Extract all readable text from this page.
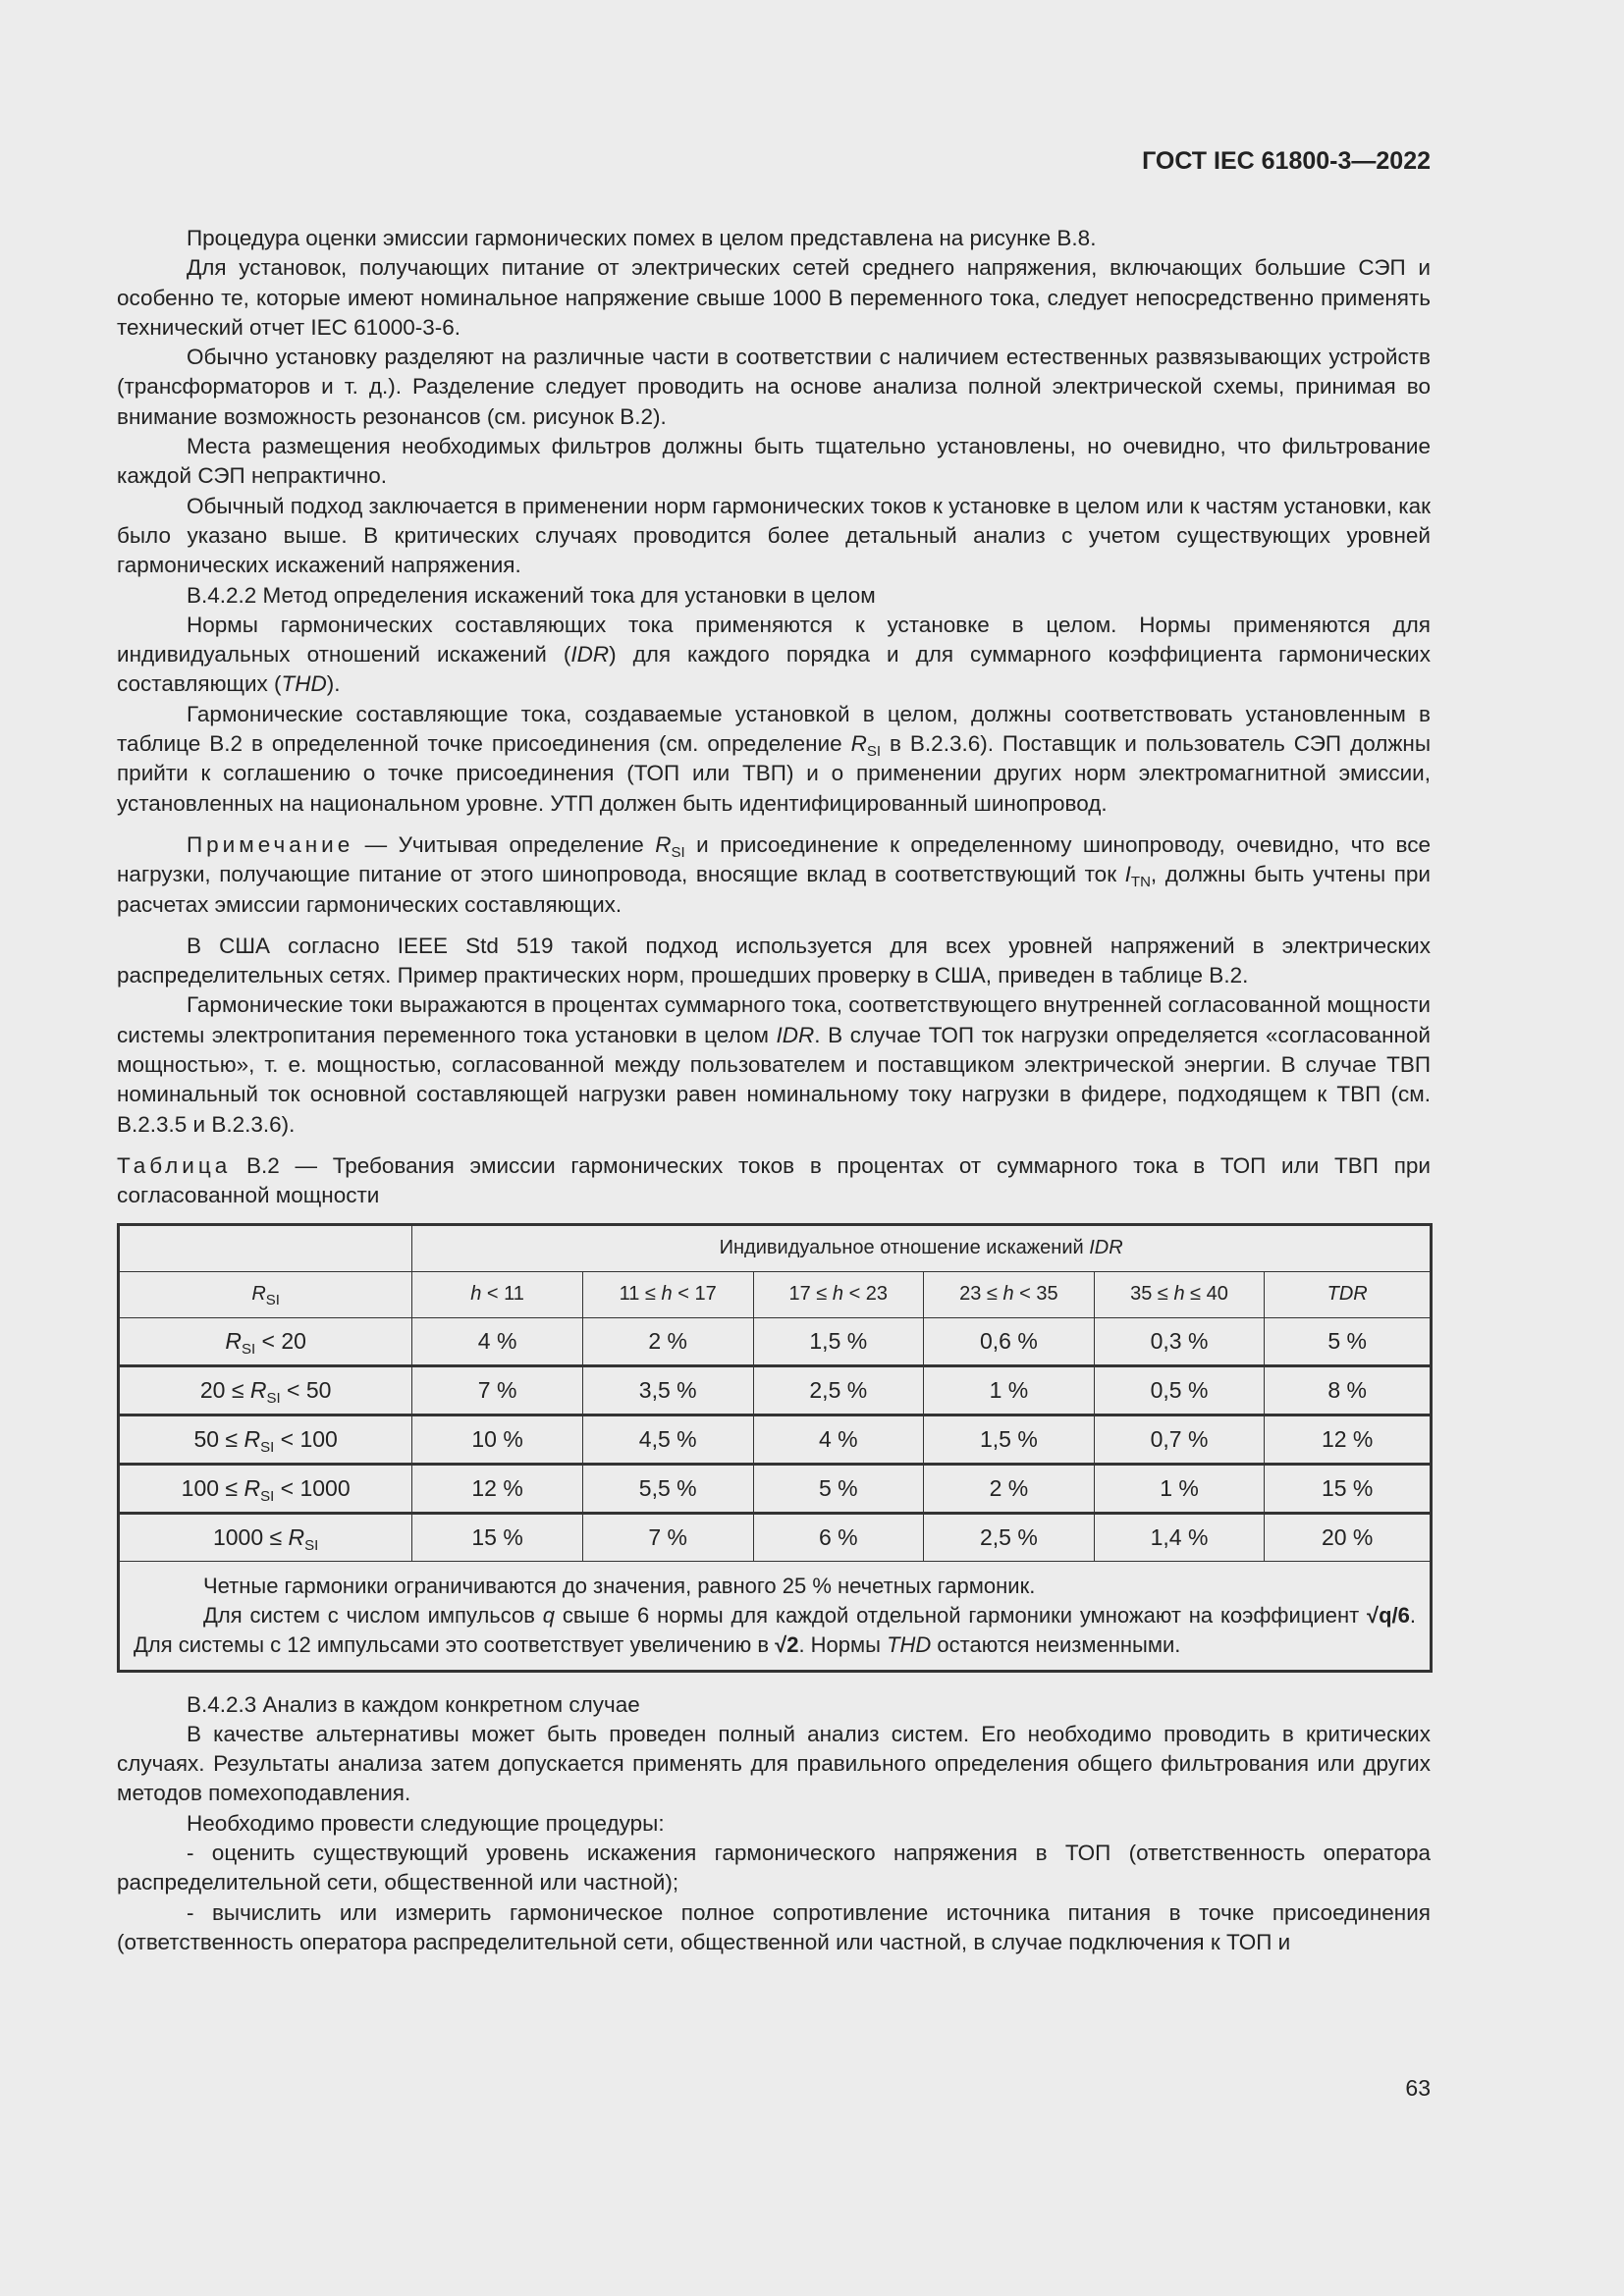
ГОСТ IEC 61800-3—2022

Процедура оценки эмиссии гармонических помех в целом представлена на рисунке В.8.

Для установок, получающих питание от электрических сетей среднего напряжения, включающих большие СЭП и особенно те, которые имеют номинальное напряжение свыше 1000 В переменного тока, следует непосредственно применять технический отчет IEC 61000-3-6.

Обычно установку разделяют на различные части в соответствии с наличием естественных развязывающих устройств (трансформаторов и т. д.). Разделение следует проводить на основе анализа полной электрической схемы, принимая во внимание возможность резонансов (см. рисунок В.2).

Места размещения необходимых фильтров должны быть тщательно установлены, но очевидно, что фильтрование каждой СЭП непрактично.

Обычный подход заключается в применении норм гармонических токов к установке в целом или к частям установки, как было указано выше. В критических случаях проводится более детальный анализ с учетом существующих уровней гармонических искажений напряжения.

В.4.2.2 Метод определения искажений тока для установки в целом

Нормы гармонических составляющих тока применяются к установке в целом. Нормы применяются для индивидуальных отношений искажений (IDR) для каждого порядка и для суммарного коэффициента гармонических составляющих (THD).

Гармонические составляющие тока, создаваемые установкой в целом, должны соответствовать установленным в таблице В.2 в определенной точке присоединения (см. определение $R_{SI}$ в В.2.3.6). Поставщик и пользователь СЭП должны прийти к соглашению о точке присоединения (ТОП или ТВП) и о применении других норм электромагнитной эмиссии, установленных на национальном уровне. УТП должен быть идентифицированный шинопровод.

Примечание — Учитывая определение $R_{SI}$ и присоединение к определенному шинопроводу, очевидно, что все нагрузки, получающие питание от этого шинопровода, вносящие вклад в соответствующий ток $I_{TN}$, должны быть учтены при расчетах эмиссии гармонических составляющих.

В США согласно IEEE Std 519 такой подход используется для всех уровней напряжений в электрических распределительных сетях. Пример практических норм, прошедших проверку в США, приведен в таблице В.2.

Гармонические токи выражаются в процентах суммарного тока, соответствующего внутренней согласованной мощности системы электропитания переменного тока установки в целом IDR. В случае ТОП ток нагрузки определяется «согласованной мощностью», т. е. мощностью, согласованной между пользователем и поставщиком электрической энергии. В случае ТВП номинальный ток основной составляющей нагрузки равен номинальному току нагрузки в фидере, подходящем к ТВП (см. В.2.3.5 и В.2.3.6).

Таблица В.2 — Требования эмиссии гармонических токов в процентах от суммарного тока в ТОП или ТВП при согласованной мощности

	Индивидуальное отношение искажений IDR					
$R_{SI}$	h < 11	11 ≤ h < 17	17 ≤ h < 23	23 ≤ h < 35	35 ≤ h ≤ 40	TDR
$R_{SI} < 20$	4 %	2 %	1,5 %	0,6 %	0,3 %	5 %
$20 \le R_{SI} < 50$	7 %	3,5 %	2,5 %	1 %	0,5 %	8 %
$50 \le R_{SI} < 100$	10 %	4,5 %	4 %	1,5 %	0,7 %	12 %
$100 \le R_{SI} < 1000$	12 %	5,5 %	5 %	2 %	1 %	15 %
$1000 \le R_{SI}$	15 %	7 %	6 %	2,5 %	1,4 %	20 %

Четные гармоники ограничиваются до значения, равного 25 % нечетных гармоник.

Для систем с числом импульсов q свыше 6 нормы для каждой отдельной гармоники умножают на коэффициент √q/6. Для системы с 12 импульсами это соответствует увеличению в √2. Нормы THD остаются неизменными.						

В.4.2.3 Анализ в каждом конкретном случае

В качестве альтернативы может быть проведен полный анализ систем. Его необходимо проводить в критических случаях. Результаты анализа затем допускается применять для правильного определения общего фильтрования или других методов помехоподавления.

Необходимо провести следующие процедуры:

- оценить существующий уровень искажения гармонического напряжения в ТОП (ответственность оператора распределительной сети, общественной или частной);

- вычислить или измерить гармоническое полное сопротивление источника питания в точке присоединения (ответственность оператора распределительной сети, общественной или частной, в случае подключения к ТОП и

63
